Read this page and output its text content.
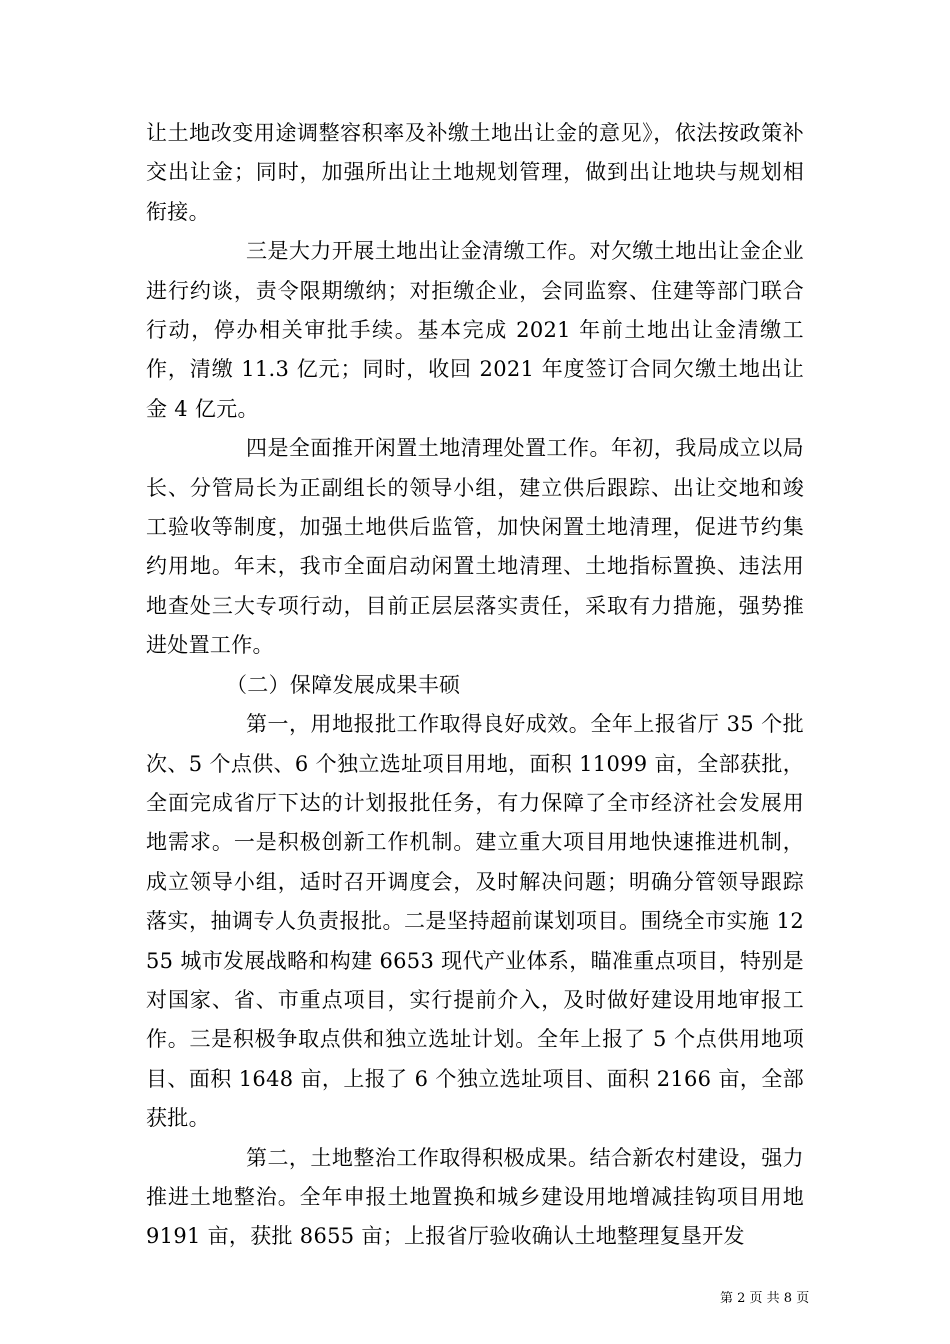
让土地改变用途调整容积率及补缴土地出让金的意见》，依法按政策补交出让金；同时，加强所出让土地规划管理，做到出让地块与规划相衔接。

三是大力开展土地出让金清缴工作。对欠缴土地出让金企业进行约谈，责令限期缴纳；对拒缴企业，会同监察、住建等部门联合行动，停办相关审批手续。基本完成 2021 年前土地出让金清缴工作，清缴 11.3 亿元；同时，收回 2021 年度签订合同欠缴土地出让金 4 亿元。

四是全面推开闲置土地清理处置工作。年初，我局成立以局长、分管局长为正副组长的领导小组，建立供后跟踪、出让交地和竣工验收等制度，加强土地供后监管，加快闲置土地清理，促进节约集约用地。年末，我市全面启动闲置土地清理、土地指标置换、违法用地查处三大专项行动，目前正层层落实责任，采取有力措施，强势推进处置工作。

（二）保障发展成果丰硕

第一，用地报批工作取得良好成效。全年上报省厅 35 个批次、5 个点供、6 个独立选址项目用地，面积 11099 亩，全部获批，全面完成省厅下达的计划报批任务，有力保障了全市经济社会发展用地需求。一是积极创新工作机制。建立重大项目用地快速推进机制，成立领导小组，适时召开调度会，及时解决问题；明确分管领导跟踪落实，抽调专人负责报批。二是坚持超前谋划项目。围绕全市实施 1255 城市发展战略和构建 6653 现代产业体系，瞄准重点项目，特别是对国家、省、市重点项目，实行提前介入，及时做好建设用地审报工作。三是积极争取点供和独立选址计划。全年上报了 5 个点供用地项目、面积 1648 亩，上报了 6 个独立选址项目、面积 2166 亩，全部获批。

第二，土地整治工作取得积极成果。结合新农村建设，强力推进土地整治。全年申报土地置换和城乡建设用地增减挂钩项目用地 9191 亩，获批 8655 亩；上报省厅验收确认土地整理复垦开发

第 2 页 共 8 页
